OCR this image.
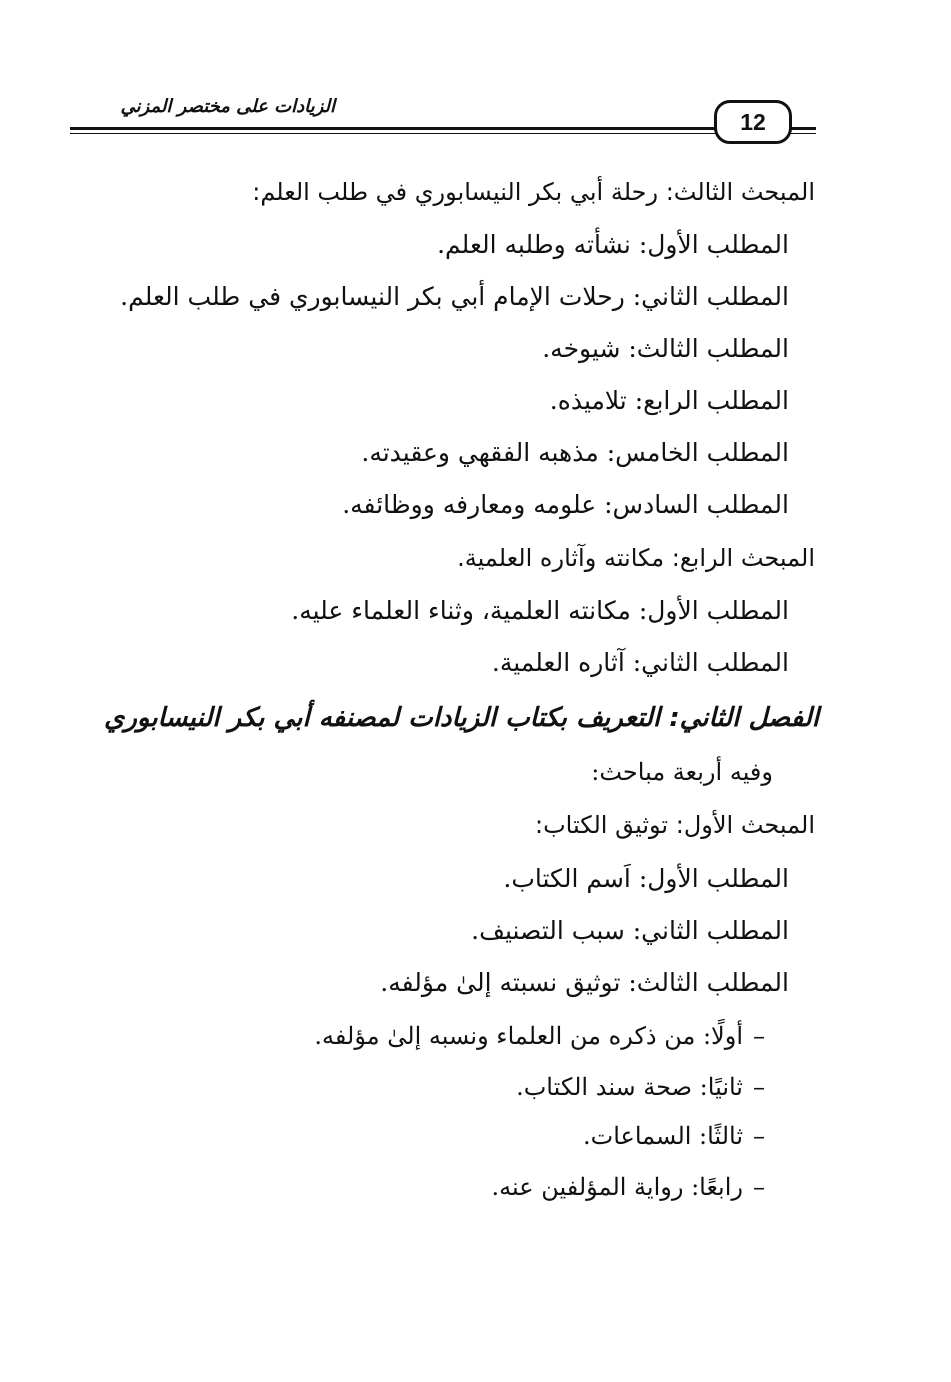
12
الزيادات على مختصر المزني
المبحث الثالث: رحلة أبي بكر النيسابوري في طلب العلم:
المطلب الأول: نشأته وطلبه العلم.
المطلب الثاني: رحلات الإمام أبي بكر النيسابوري في طلب العلم.
المطلب الثالث: شيوخه.
المطلب الرابع: تلاميذه.
المطلب الخامس: مذهبه الفقهي وعقيدته.
المطلب السادس: علومه ومعارفه ووظائفه.
المبحث الرابع: مكانته وآثاره العلمية.
المطلب الأول: مكانته العلمية، وثناء العلماء عليه.
المطلب الثاني: آثاره العلمية.
الفصل الثاني: التعريف بكتاب الزيادات لمصنفه أبي بكر النيسابوري
وفيه أربعة مباحث:
المبحث الأول: توثيق الكتاب:
المطلب الأول: اَسم الكتاب.
المطلب الثاني: سبب التصنيف.
المطلب الثالث: توثيق نسبته إلىٰ مؤلفه.
–أولًا: من ذكره من العلماء ونسبه إلىٰ مؤلفه.
–ثانيًا: صحة سند الكتاب.
–ثالثًا: السماعات.
–رابعًا: رواية المؤلفين عنه.
